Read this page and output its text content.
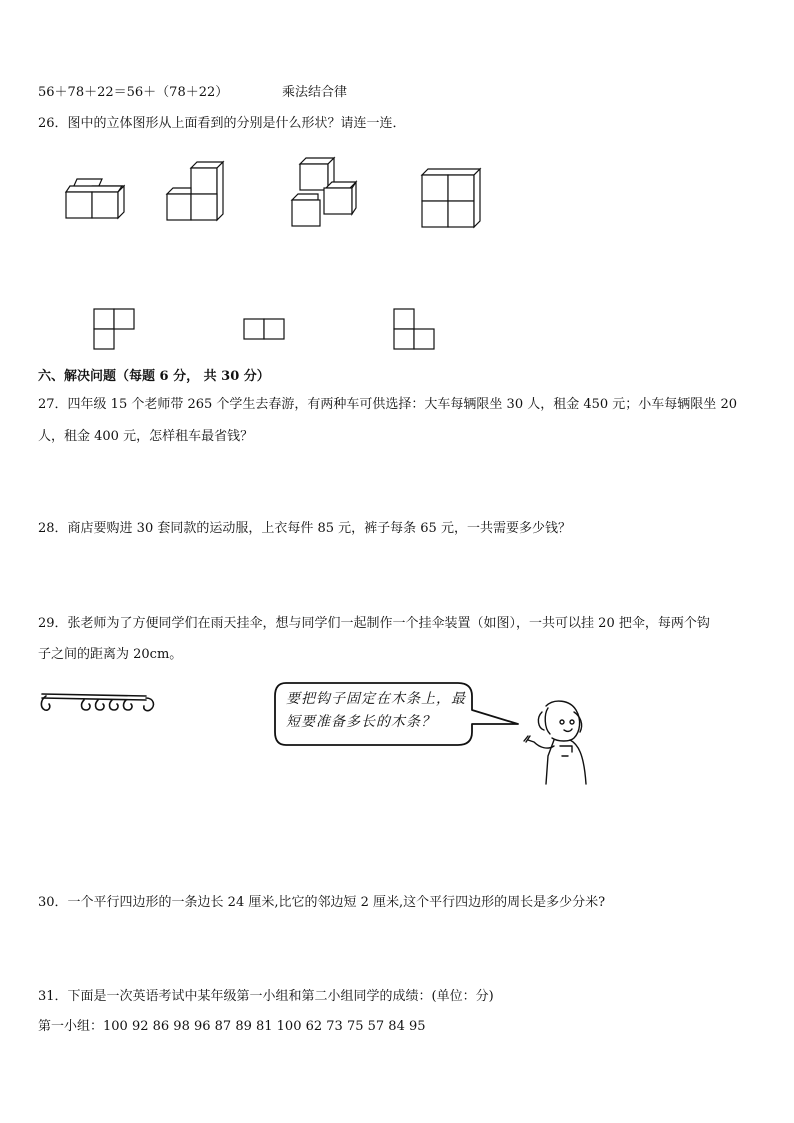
56＋78＋22＝56＋（78＋22）	乘法结合律
26．图中的立体图形从上面看到的分别是什么形状？请连一连．
六、解决问题（每题 6 分， 共 30 分）
27．四年级 15 个老师带 265 个学生去春游，有两种车可供选择：大车每辆限坐 30 人，租金 450 元；小车每辆限坐 20
人，租金 400 元，怎样租车最省钱？
28．商店要购进 30 套同款的运动服，上衣每件 85 元，裤子每条 65 元，一共需要多少钱？
29．张老师为了方便同学们在雨天挂伞，想与同学们一起制作一个挂伞装置（如图），一共可以挂 20 把伞，每两个钩
子之间的距离为 20cm。
要把钩子固定在木条上，最
短要准备多长的木条？
30．一个平行四边形的一条边长 24 厘米,比它的邻边短 2 厘米,这个平行四边形的周长是多少分米?
31．下面是一次英语考试中某年级第一小组和第二小组同学的成绩：(单位：分)
第一小组：100 92 86 98 96 87 89 81 100 62 73 75 57 84 95
